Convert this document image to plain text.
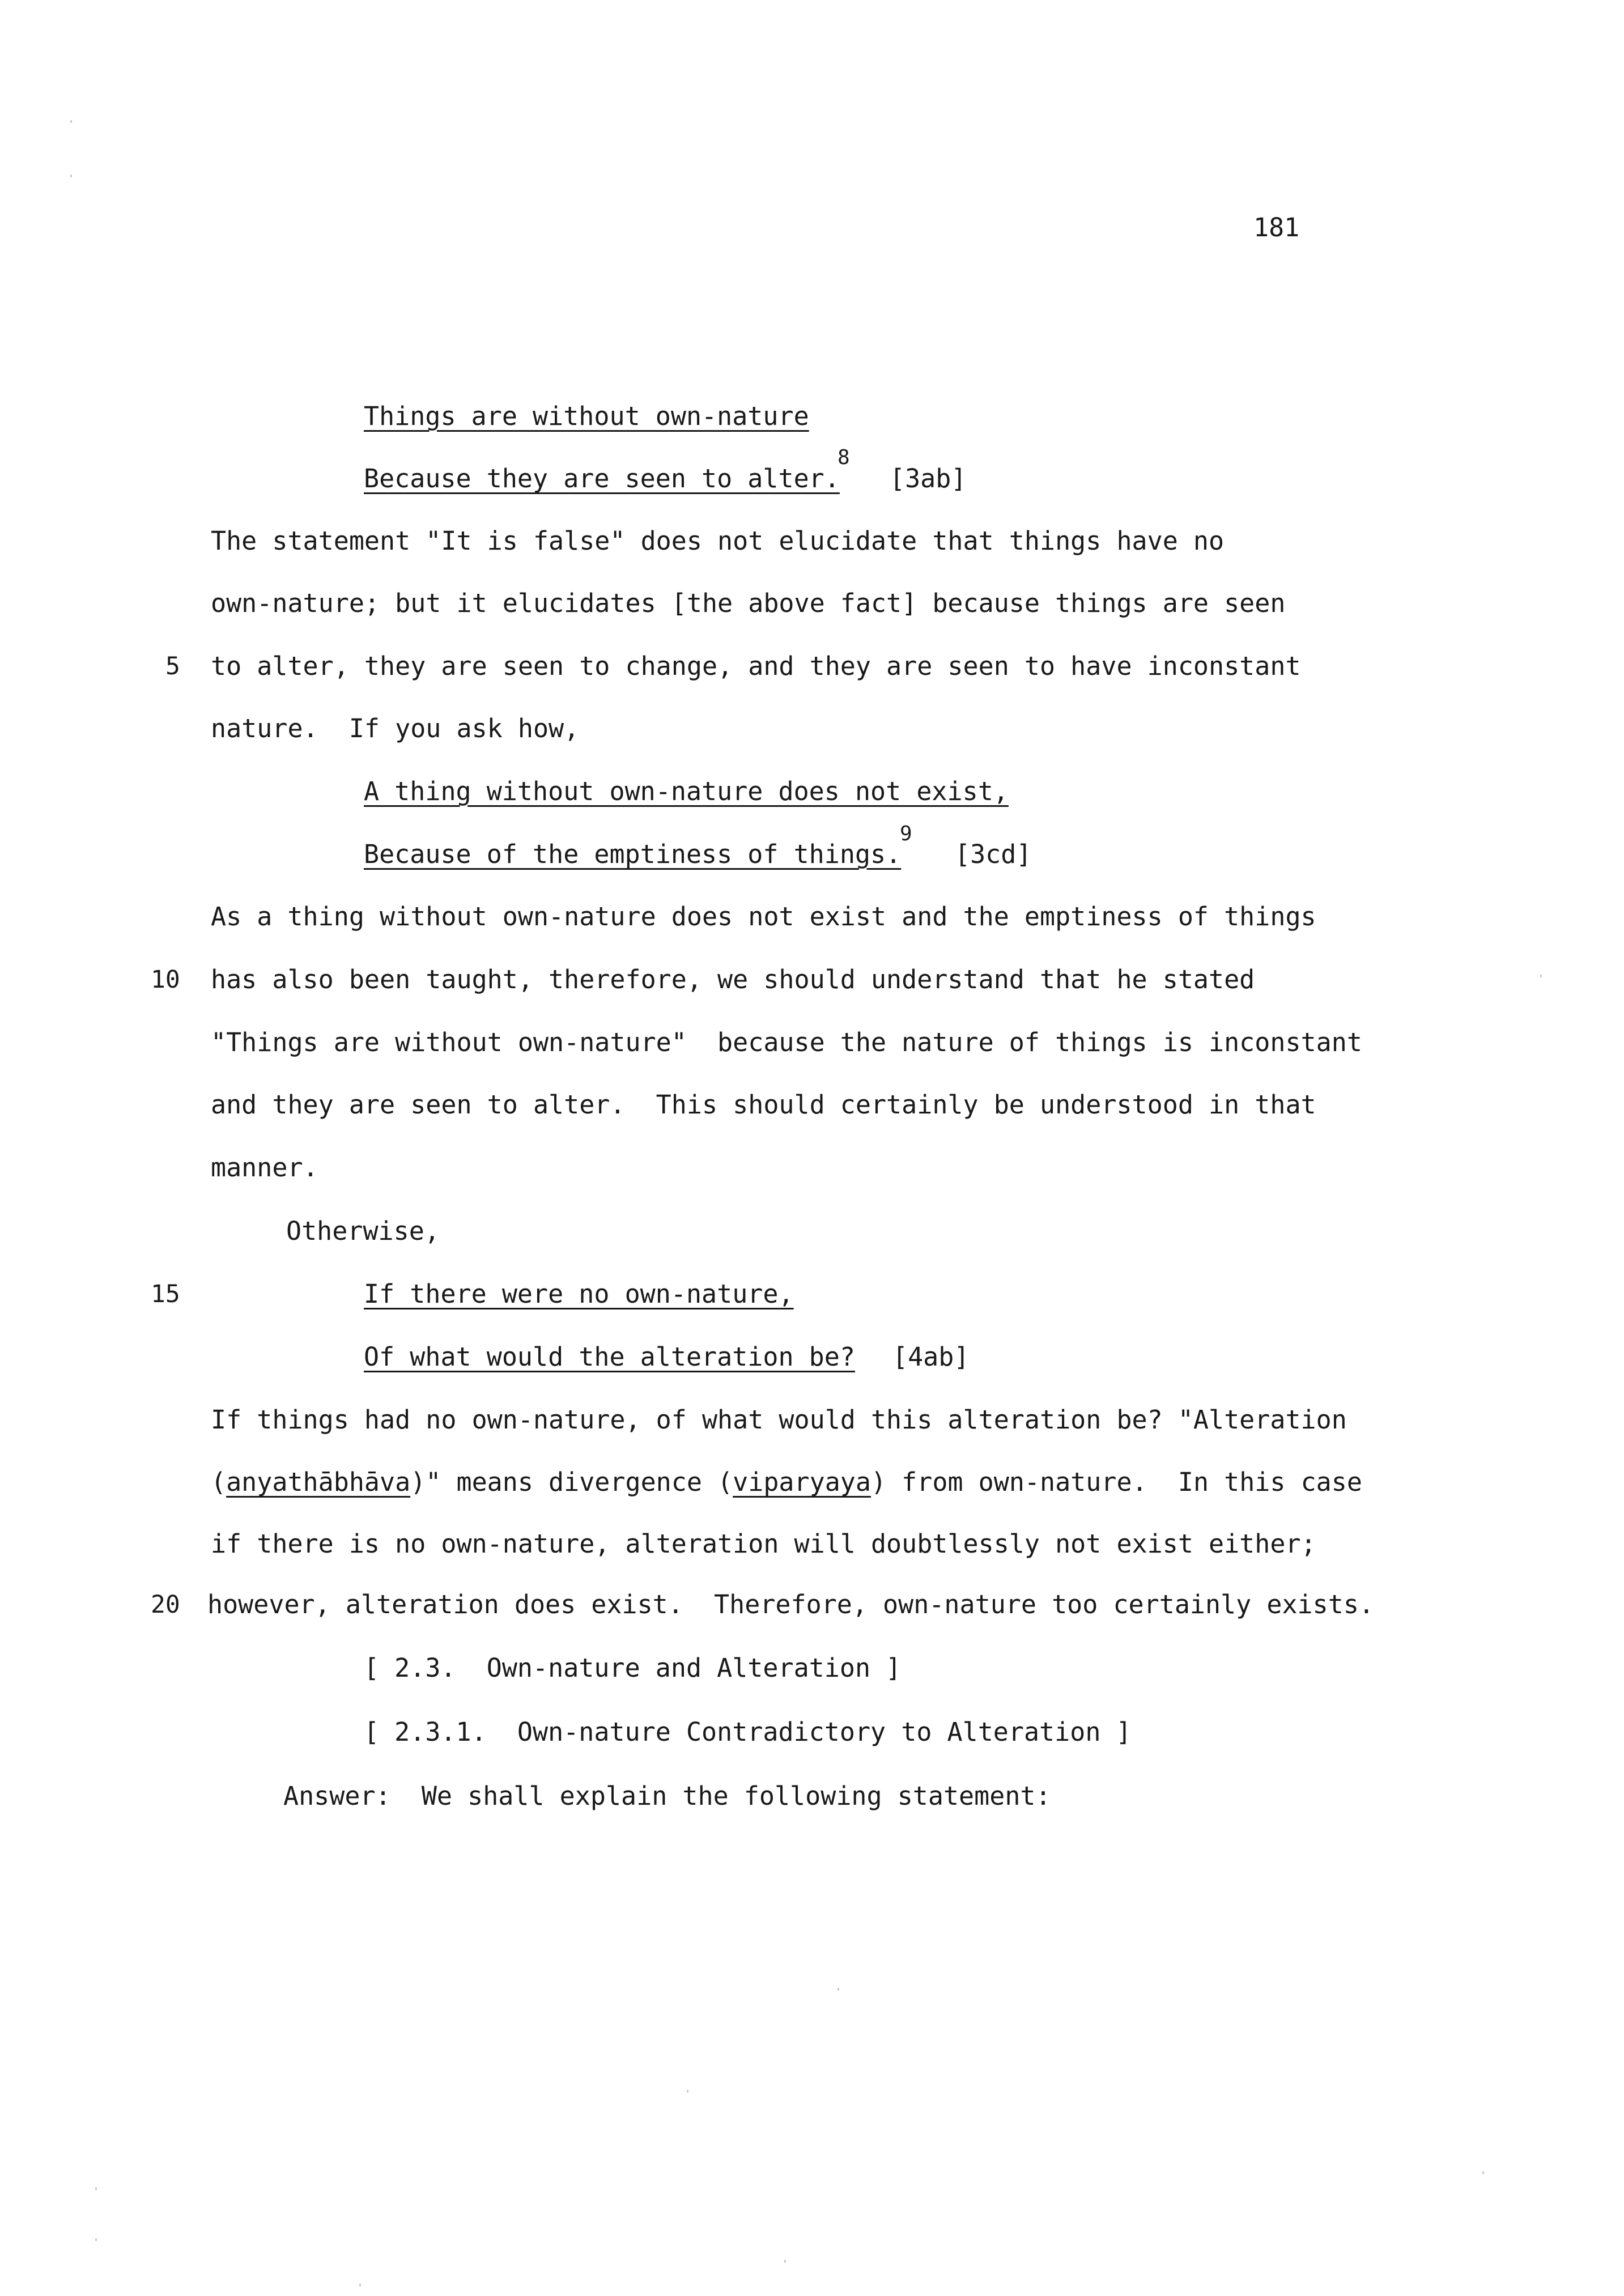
181
Things are without own-nature
Because they are seen to alter.
8
[3ab]
The statement "It is false" does not elucidate that things have no
own-nature; but it elucidates [the above fact] because things are seen
5 to alter, they are seen to change, and they are seen to have inconstant
nature.  If you ask how,
A thing without own-nature does not exist,
Because of the emptiness of things.
9
[3cd]
As a thing without own-nature does not exist and the emptiness of things
10 has also been taught, therefore, we should understand that he stated
"Things are without own-nature"  because the nature of things is inconstant
and they are seen to alter.  This should certainly be understood in that
manner.
Otherwise,
15	If there were no own-nature,
Of what would the alteration be? [4ab]
If things had no own-nature, of what would this alteration be? "Alteration
(anyathābhāva)" means divergence (viparyaya) from own-nature.  In this case
if there is no own-nature, alteration will doubtlessly not exist either;
20 however, alteration does exist.  Therefore, own-nature too certainly exists.
[ 2.3.  Own-nature and Alteration ]
[ 2.3.1.  Own-nature Contradictory to Alteration ]
Answer:  We shall explain the following statement:
